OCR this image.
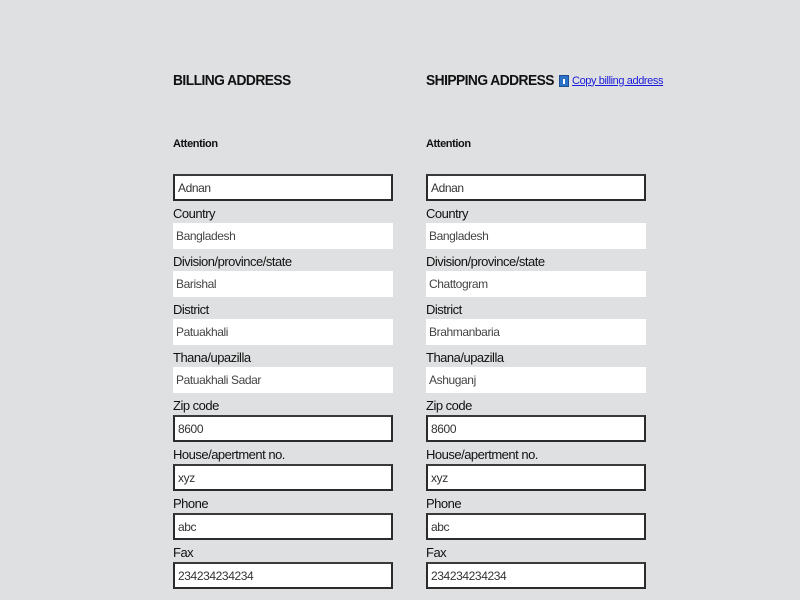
BILLING ADDRESS
Attention
Adnan
Country
Bangladesh
Division/province/state
Barishal
District
Patuakhali
Thana/upazilla
Patuakhali Sadar
Zip code
8600
House/apertment no.
xyz
Phone
abc
Fax
234234234234
SHIPPING ADDRESS Copy billing address
Attention
Adnan
Country
Bangladesh
Division/province/state
Chattogram
District
Brahmanbaria
Thana/upazilla
Ashuganj
Zip code
8600
House/apertment no.
xyz
Phone
abc
Fax
234234234234
